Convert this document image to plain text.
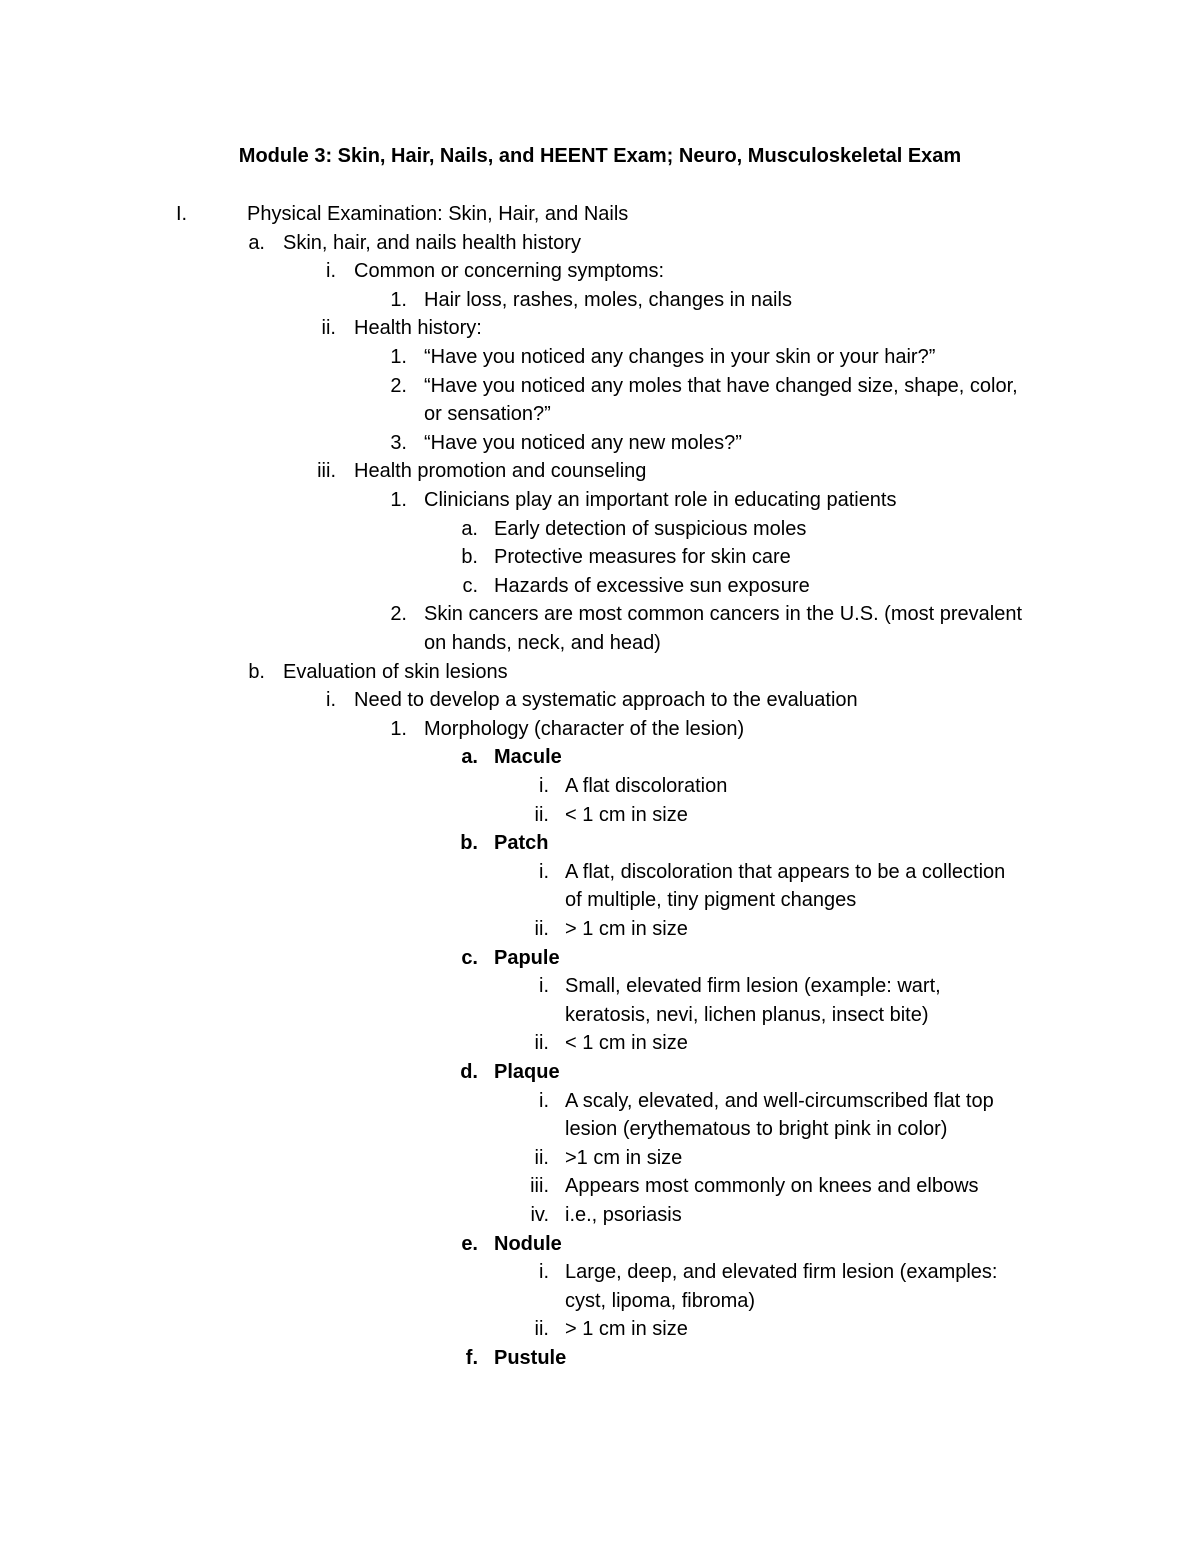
Module 3: Skin, Hair, Nails, and HEENT Exam; Neuro, Musculoskeletal Exam
I.	Physical Examination: Skin, Hair, and Nails
a. Skin, hair, and nails health history
i. Common or concerning symptoms:
1. Hair loss, rashes, moles, changes in nails
ii. Health history:
1. “Have you noticed any changes in your skin or your hair?”
2. “Have you noticed any moles that have changed size, shape, color,
or sensation?”
3. “Have you noticed any new moles?”
iii. Health promotion and counseling
1. Clinicians play an important role in educating patients
a. Early detection of suspicious moles
b. Protective measures for skin care
c. Hazards of excessive sun exposure
2. Skin cancers are most common cancers in the U.S. (most prevalent
on hands, neck, and head)
b. Evaluation of skin lesions
i. Need to develop a systematic approach to the evaluation
1. Morphology (character of the lesion)
a. Macule
i. A flat discoloration
ii. < 1 cm in size
b. Patch
i. A flat, discoloration that appears to be a collection
of multiple, tiny pigment changes
ii. > 1 cm in size
c. Papule
i. Small, elevated firm lesion (example: wart,
keratosis, nevi, lichen planus, insect bite)
ii. < 1 cm in size
d. Plaque
i. A scaly, elevated, and well-circumscribed flat top
lesion (erythematous to bright pink in color)
ii. >1 cm in size
iii. Appears most commonly on knees and elbows
iv. i.e., psoriasis
e. Nodule
i. Large, deep, and elevated firm lesion (examples:
cyst, lipoma, fibroma)
ii. > 1 cm in size
f. Pustule
